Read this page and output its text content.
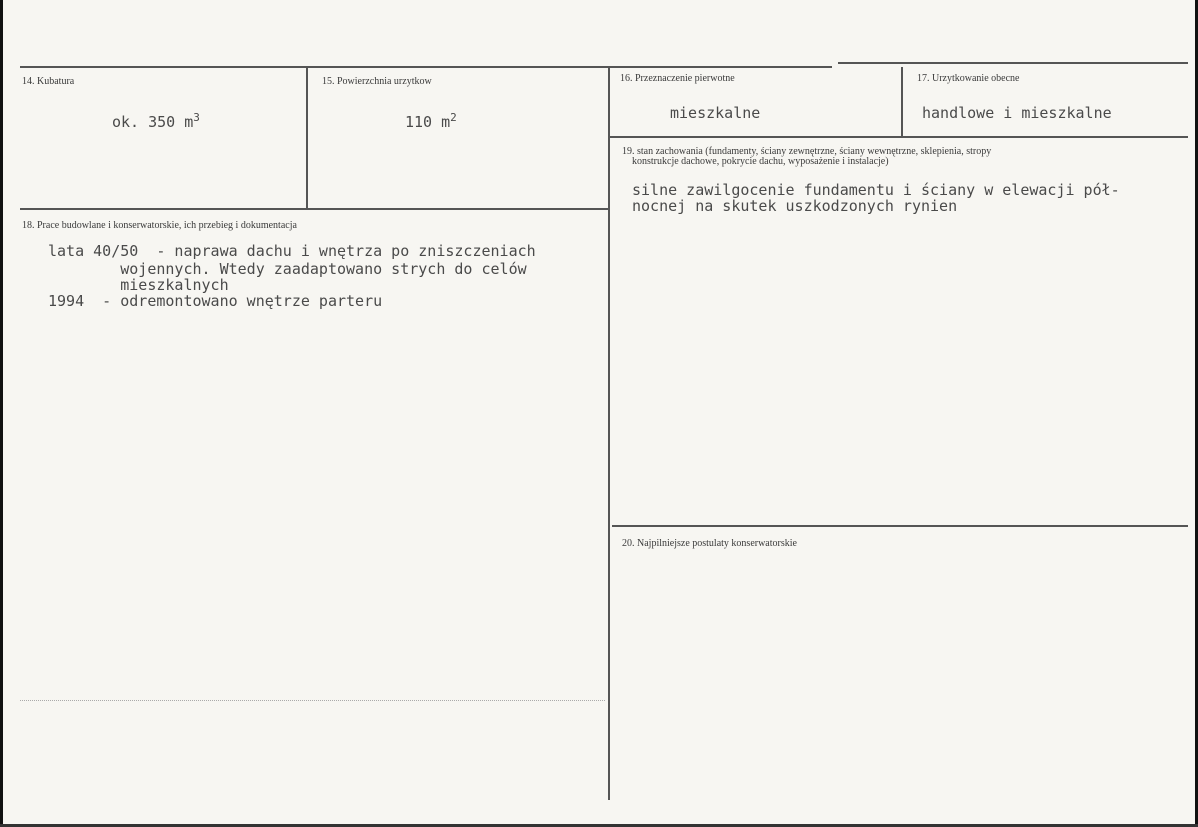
14. Kubatura
ok. 350 $m^3$
15. Powierzchnia urzytkow
110 $m^2$
16. Przeznaczenie pierwotne
mieszkalne
17. Urzytkowanie obecne
handlowe i mieszkalne
18. Prace budowlane i konserwatorskie, ich przebieg i dokumentacja
lata 40/50  - naprawa dachu i wnętrza po zniszczeniach
wojennych. Wtedy zaadaptowano strych do celów
mieszkalnych
1994  - odremontowano wnętrze parteru
19. stan zachowania (fundamenty, ściany zewnętrzne, ściany wewnętrzne, sklepienia, stropy
konstrukcje dachowe, pokrycie dachu, wyposażenie i instalacje)
silne zawilgocenie fundamentu i ściany w elewacji pół-
nocnej na skutek uszkodzonych rynien
20. Najpilniejsze postulaty konserwatorskie
